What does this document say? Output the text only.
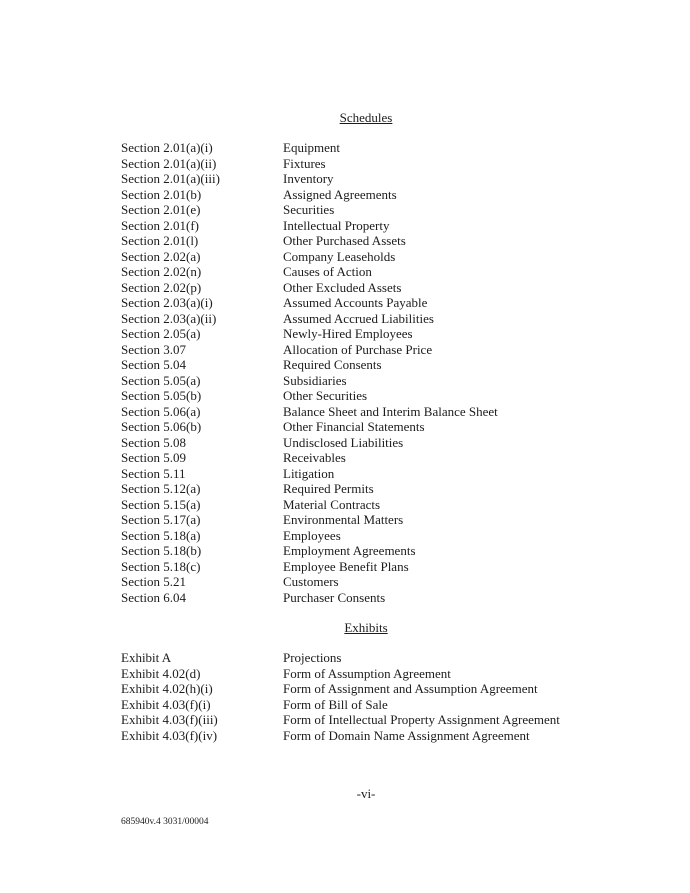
Schedules

Section 2.01(a)(i)	Equipment
Section 2.01(a)(ii)	Fixtures
Section 2.01(a)(iii)	Inventory
Section 2.01(b)	Assigned Agreements
Section 2.01(e)	Securities
Section 2.01(f)	Intellectual Property
Section 2.01(l)	Other Purchased Assets
Section 2.02(a)	Company Leaseholds
Section 2.02(n)	Causes of Action
Section 2.02(p)	Other Excluded Assets
Section 2.03(a)(i)	Assumed Accounts Payable
Section 2.03(a)(ii)	Assumed Accrued Liabilities
Section 2.05(a)	Newly-Hired Employees
Section 3.07	Allocation of Purchase Price
Section 5.04	Required Consents
Section 5.05(a)	Subsidiaries
Section 5.05(b)	Other Securities
Section 5.06(a)	Balance Sheet and Interim Balance Sheet
Section 5.06(b)	Other Financial Statements
Section 5.08	Undisclosed Liabilities
Section 5.09	Receivables
Section 5.11	Litigation
Section 5.12(a)	Required Permits
Section 5.15(a)	Material Contracts
Section 5.17(a)	Environmental Matters
Section 5.18(a)	Employees
Section 5.18(b)	Employment Agreements
Section 5.18(c)	Employee Benefit Plans
Section 5.21	Customers
Section 6.04	Purchaser Consents

Exhibits

Exhibit A	Projections
Exhibit 4.02(d)	Form of Assumption Agreement
Exhibit 4.02(h)(i)	Form of Assignment and Assumption Agreement
Exhibit 4.03(f)(i)	Form of Bill of Sale
Exhibit 4.03(f)(iii)	Form of Intellectual Property Assignment Agreement
Exhibit 4.03(f)(iv)	Form of Domain Name Assignment Agreement
-vi-
685940v.4 3031/00004
